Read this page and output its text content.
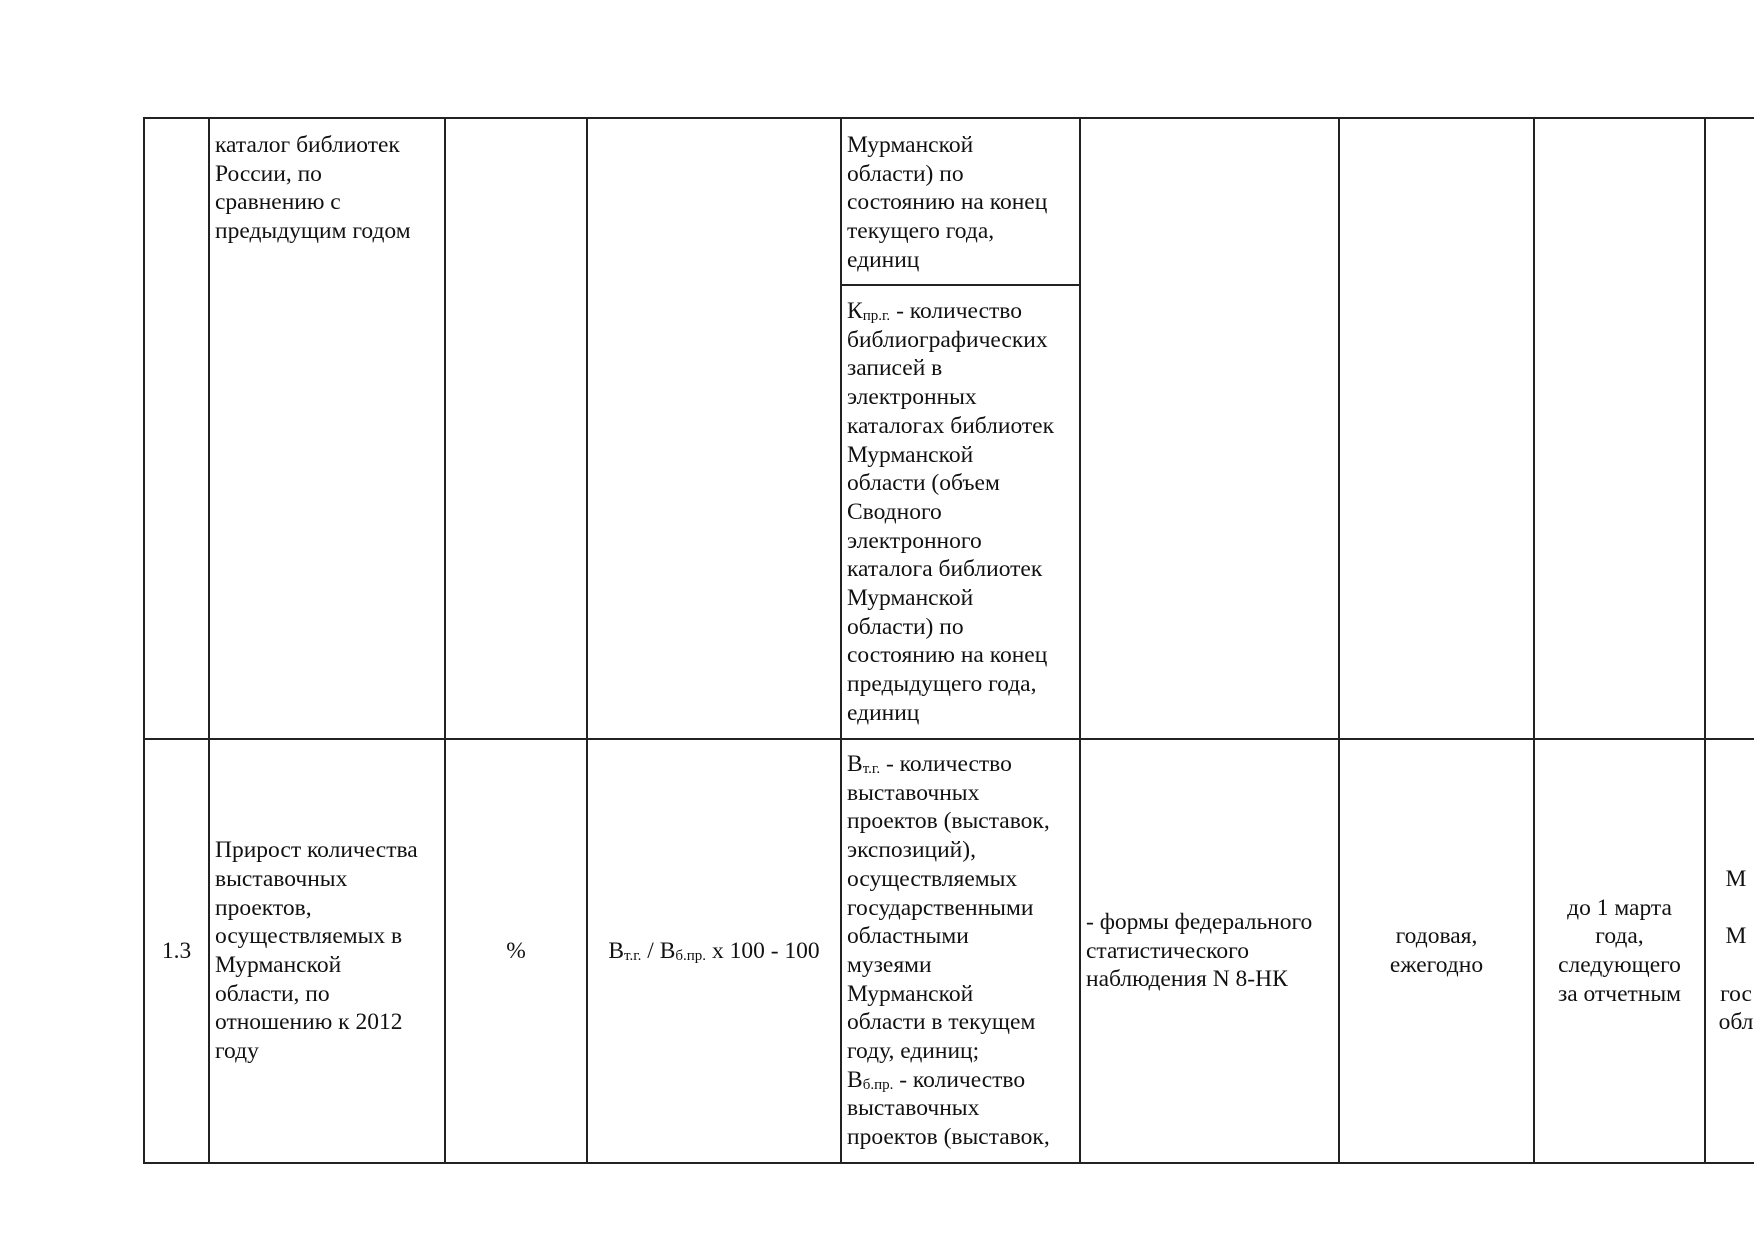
каталог библиотек
России, по
сравнению с
предыдущим годом
Мурманской
области) по
состоянию на конец
текущего года,
единиц
$К_{пр.г.}$ - количество
библиографических
записей в
электронных
каталогах библиотек
Мурманской
области (объем
Сводного
электронного
каталога библиотек
Мурманской
области) по
состоянию на конец
предыдущего года,
единиц
1.3
Прирост количества
выставочных
проектов,
осуществляемых в
Мурманской
области, по
отношению к 2012
году
%	$В_{т.г.} / В_{б.пр.}$ х 100 - 100
$В_{т.г.}$ - количество
выставочных
проектов (выставок,
экспозиций),
осуществляемых
государственными
областными
музеями
Мурманской
области в текущем
году, единиц;
$В_{б.пр.}$ - количество
выставочных
проектов (выставок,
- формы федерального
статистического
наблюдения N 8-НК
годовая,
ежегодно
до 1 марта
года,
следующего
за отчетным
М

М

гос
обл
